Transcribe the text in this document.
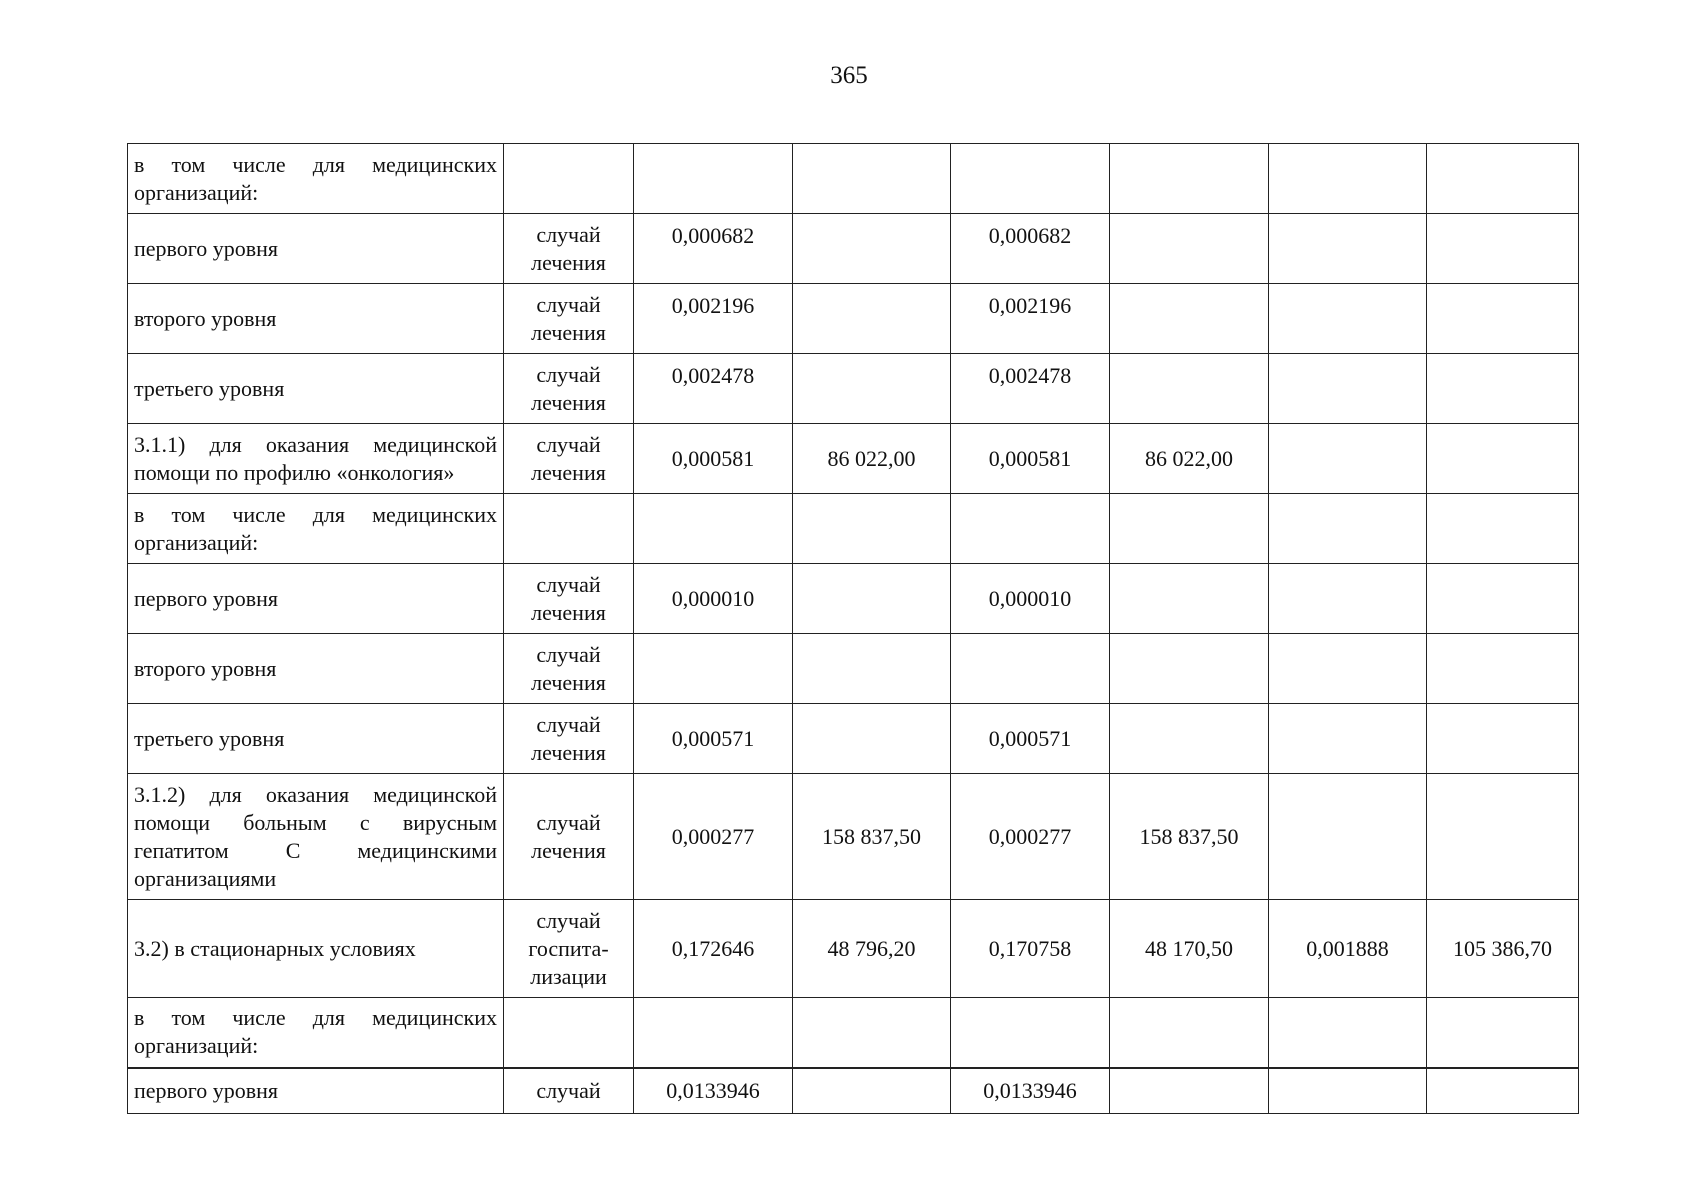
365
в том числе для медицинских организаций:							
первого уровня	случай лечения	0,000682		0,000682			
второго уровня	случай лечения	0,002196		0,002196			
третьего уровня	случай лечения	0,002478		0,002478			
3.1.1) для оказания медицинской помощи по профилю «онкология»	случай лечения	0,000581	86 022,00	0,000581	86 022,00		
в том числе для медицинских организаций:							
первого уровня	случай лечения	0,000010		0,000010			
второго уровня	случай лечения						
третьего уровня	случай лечения	0,000571		0,000571			
3.1.2) для оказания медицинской помощи больным с вирусным гепатитом С медицинскими организациями	случай лечения	0,000277	158 837,50	0,000277	158 837,50		
3.2) в стационарных условиях	случай госпита-лизации	0,172646	48 796,20	0,170758	48 170,50	0,001888	105 386,70
в том числе для медицинских организаций:							
первого уровня	случай	0,0133946		0,0133946			
